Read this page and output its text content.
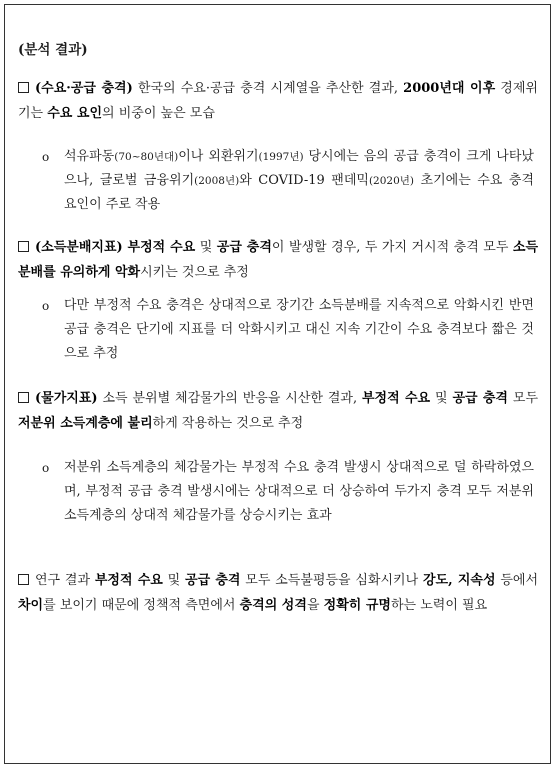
(분석 결과)
(수요·공급 충격) 한국의 수요·공급 충격 시계열을 추산한 결과, 2000년대 이후 경제위기는 수요 요인의 비중이 높은 모습
o 석유파동(70~80년대)이나 외환위기(1997년) 당시에는 음의 공급 충격이 크게 나타났으나, 글로벌 금융위기(2008년)와 COVID-19 팬데믹(2020년) 초기에는 수요 충격 요인이 주로 작용
(소득분배지표) 부정적 수요 및 공급 충격이 발생할 경우, 두 가지 거시적 충격 모두 소득분배를 유의하게 악화시키는 것으로 추정
o 다만 부정적 수요 충격은 상대적으로 장기간 소득분배를 지속적으로 악화시킨 반면 공급 충격은 단기에 지표를 더 악화시키고 대신 지속 기간이 수요 충격보다 짧은 것으로 추정
(물가지표) 소득 분위별 체감물가의 반응을 시산한 결과, 부정적 수요 및 공급 충격 모두 저분위 소득계층에 불리하게 작용하는 것으로 추정
o 저분위 소득계층의 체감물가는 부정적 수요 충격 발생시 상대적으로 덜 하락하였으며, 부정적 공급 충격 발생시에는 상대적으로 더 상승하여 두가지 충격 모두 저분위 소득계층의 상대적 체감물가를 상승시키는 효과
연구 결과 부정적 수요 및 공급 충격 모두 소득불평등을 심화시키나 강도, 지속성 등에서 차이를 보이기 때문에 정책적 측면에서 충격의 성격을 정확히 규명하는 노력이 필요
